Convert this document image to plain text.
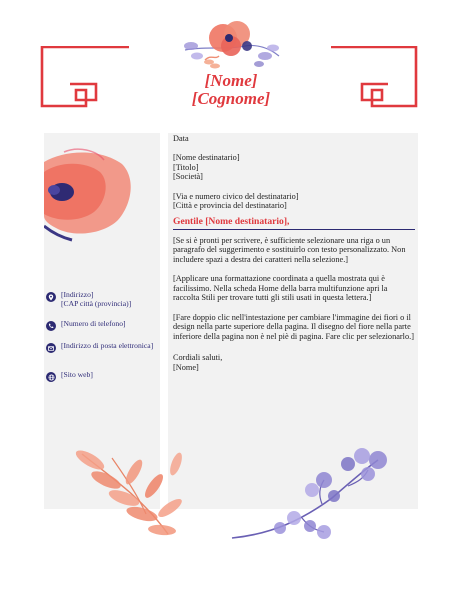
[Nome]
[Cognome]
[Indirizzo]
[CAP città (provincia)]
[Numero di telefono]
[Indirizzo di posta elettronica]
[Sito web]
Data
[Nome destinatario]
[Titolo]
[Società]
[Via e numero civico del destinatario]
[Città e provincia del destinatario]
Gentile [Nome destinatario],
[Se si è pronti per scrivere, è sufficiente selezionare una riga o un paragrafo del suggerimento e sostituirlo con testo personalizzato. Non includere spazi a destra dei caratteri nella selezione.]
[Applicare una formattazione coordinata a quella mostrata qui è facilissimo. Nella scheda Home della barra multifunzione apri la raccolta Stili per trovare tutti gli stili usati in questa lettera.]
[Fare doppio clic nell'intestazione per cambiare l'immagine dei fiori o il design nella parte superiore della pagina. Il disegno del fiore nella parte inferiore della pagina non è nel piè di pagina. Fare clic per selezionarlo.]
Cordiali saluti,
[Nome]
